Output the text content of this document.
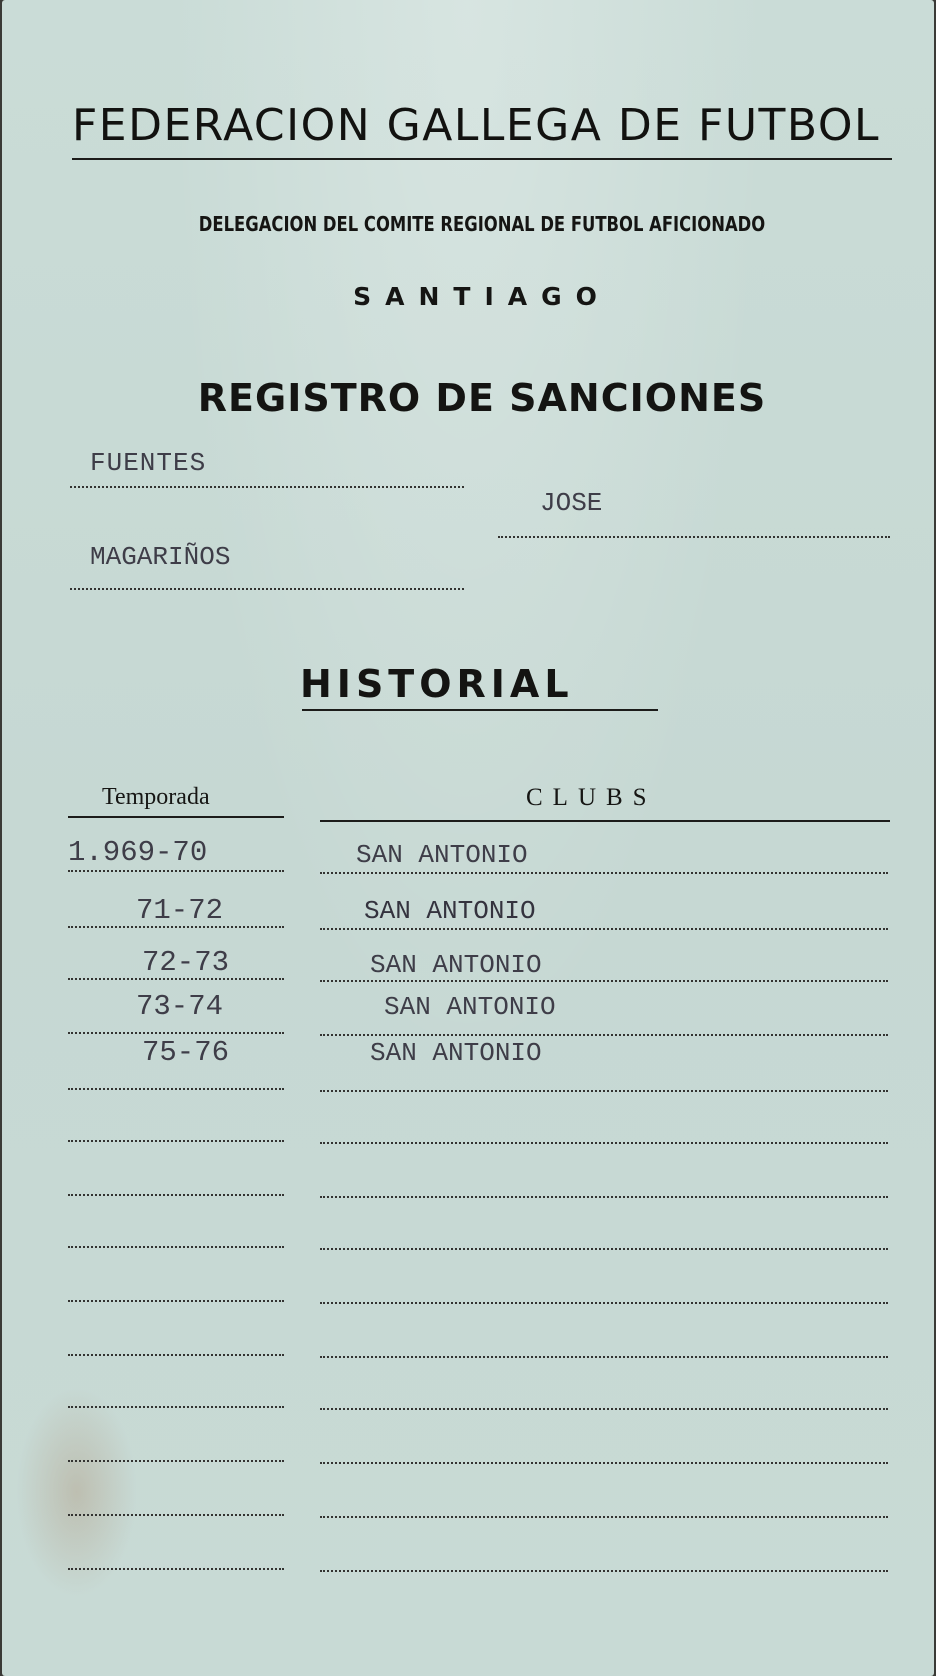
FEDERACION GALLEGA DE FUTBOL
DELEGACION DEL COMITE REGIONAL DE FUTBOL AFICIONADO
SANTIAGO
REGISTRO DE SANCIONES
FUENTES
JOSE
MAGARIÑOS
HISTORIAL
Temporada	CLUBS
1.969-70	SAN ANTONIO
71-72	SAN ANTONIO
72-73	SAN ANTONIO
73-74	SAN ANTONIO
75-76	SAN ANTONIO
